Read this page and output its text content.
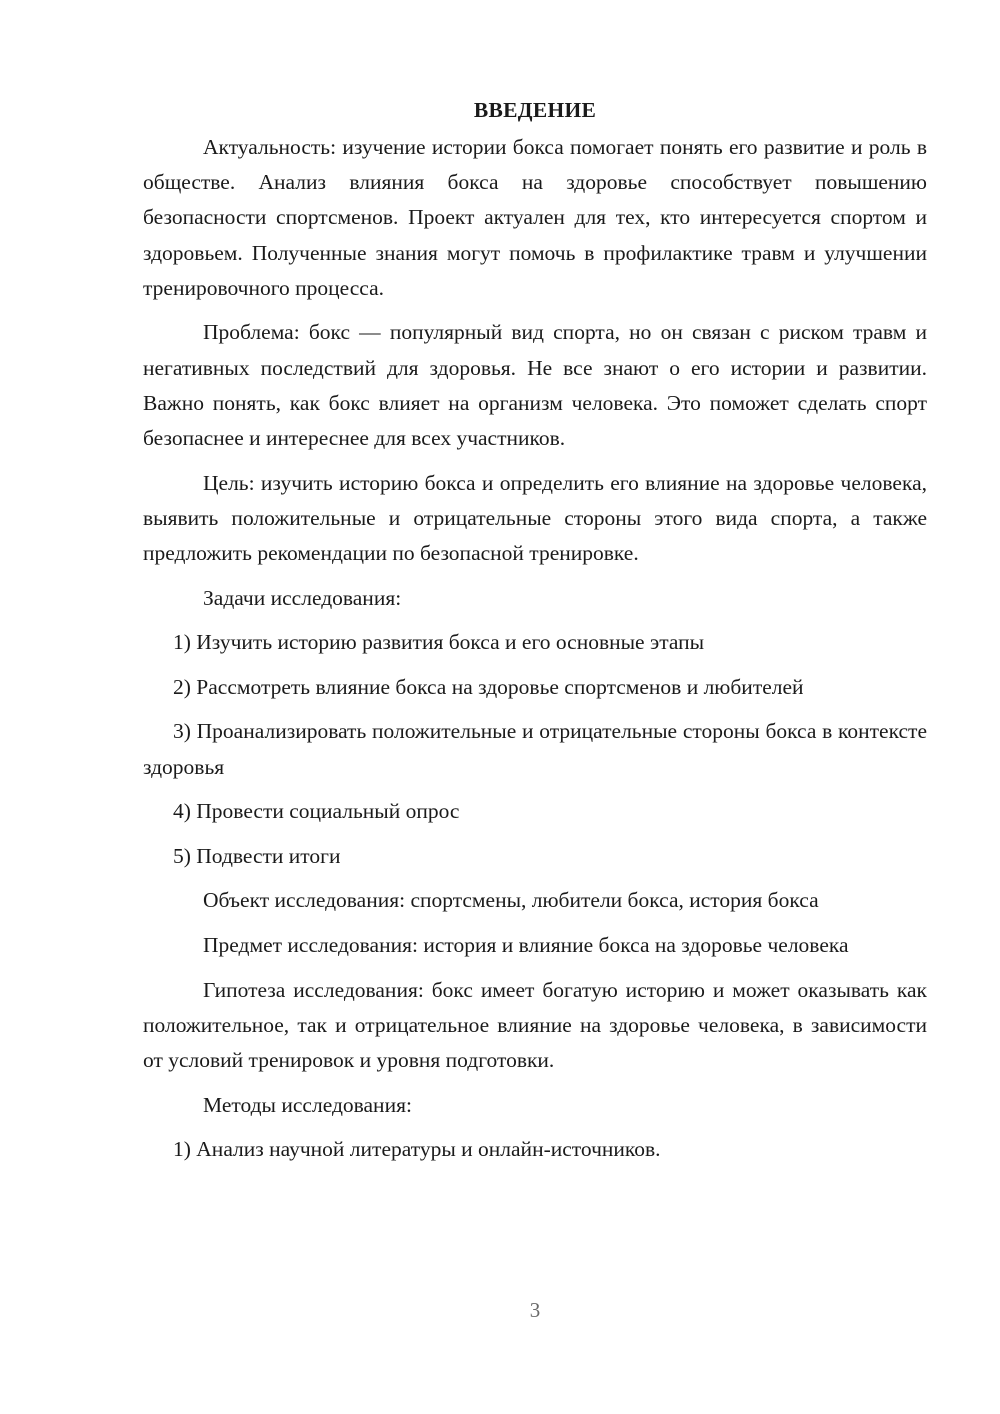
ВВЕДЕНИЕ

Актуальность: изучение истории бокса помогает понять его развитие и роль в обществе. Анализ влияния бокса на здоровье способствует повышению безопасности спортсменов. Проект актуален для тех, кто интересуется спортом и здоровьем. Полученные знания могут помочь в профилактике травм и улучшении тренировочного процесса.

Проблема: бокс — популярный вид спорта, но он связан с риском травм и негативных последствий для здоровья. Не все знают о его истории и развитии. Важно понять, как бокс влияет на организм человека. Это поможет сделать спорт безопаснее и интереснее для всех участников.

Цель: изучить историю бокса и определить его влияние на здоровье человека, выявить положительные и отрицательные стороны этого вида спорта, а также предложить рекомендации по безопасной тренировке.

Задачи исследования:

1) Изучить историю развития бокса и его основные этапы

2) Рассмотреть влияние бокса на здоровье спортсменов и любителей

3) Проанализировать положительные и отрицательные стороны бокса в контексте здоровья

4) Провести социальный опрос

5) Подвести итоги

Объект исследования: спортсмены, любители бокса, история бокса

Предмет исследования: история и влияние бокса на здоровье человека

Гипотеза исследования: бокс имеет богатую историю и может оказывать как положительное, так и отрицательное влияние на здоровье человека, в зависимости от условий тренировок и уровня подготовки.

Методы исследования:

1) Анализ научной литературы и онлайн-источников.

3
